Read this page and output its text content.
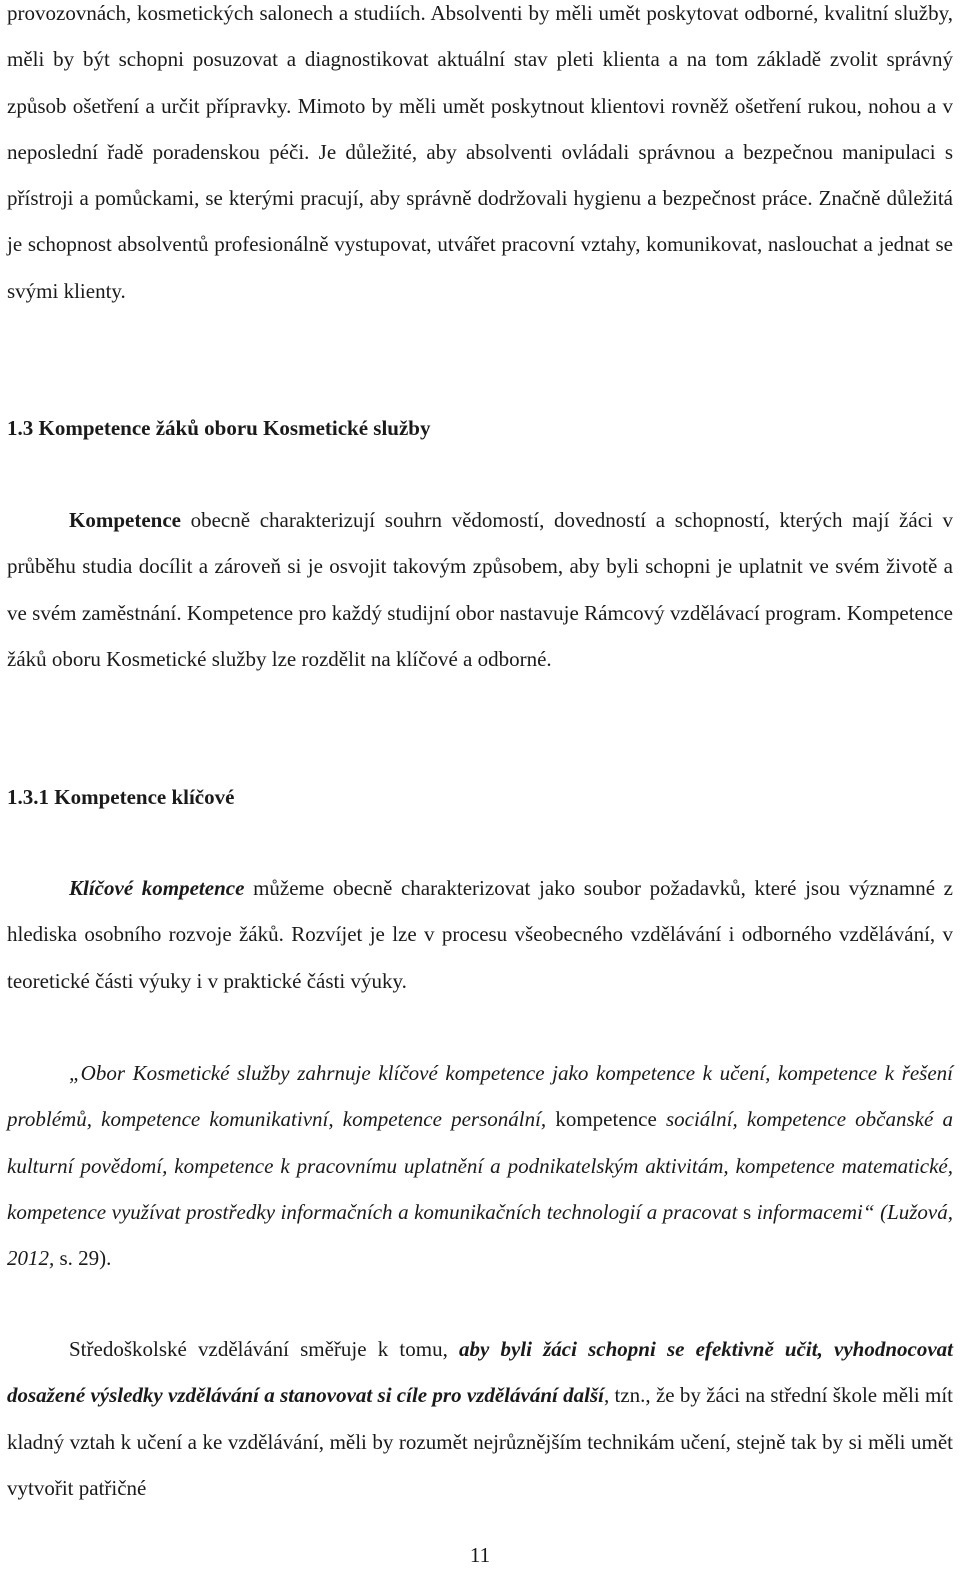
provozovnách, kosmetických salonech a studiích. Absolventi by měli umět poskytovat odborné, kvalitní služby, měli by být schopni posuzovat a diagnostikovat aktuální stav pleti klienta a na tom základě zvolit správný způsob ošetření a určit přípravky. Mimoto by měli umět poskytnout klientovi rovněž ošetření rukou, nohou a v neposlední řadě poradenskou péči. Je důležité, aby absolventi ovládali správnou a bezpečnou manipulaci s přístroji a pomůckami, se kterými pracují, aby správně dodržovali hygienu a bezpečnost práce. Značně důležitá je schopnost absolventů profesionálně vystupovat, utvářet pracovní vztahy, komunikovat, naslouchat a jednat se svými klienty.

1.3 Kompetence žáků oboru Kosmetické služby

Kompetence obecně charakterizují souhrn vědomostí, dovedností a schopností, kterých mají žáci v průběhu studia docílit a zároveň si je osvojit takovým způsobem, aby byli schopni je uplatnit ve svém životě a ve svém zaměstnání. Kompetence pro každý studijní obor nastavuje Rámcový vzdělávací program. Kompetence žáků oboru Kosmetické služby lze rozdělit na klíčové a odborné.

1.3.1 Kompetence klíčové

Klíčové kompetence můžeme obecně charakterizovat jako soubor požadavků, které jsou významné z hlediska osobního rozvoje žáků. Rozvíjet je lze v procesu všeobecného vzdělávání i odborného vzdělávání, v teoretické části výuky i v praktické části výuky.

„Obor Kosmetické služby zahrnuje klíčové kompetence jako kompetence k učení, kompetence k řešení problémů, kompetence komunikativní, kompetence personální, kompetence sociální, kompetence občanské a kulturní povědomí, kompetence k pracovnímu uplatnění a podnikatelským aktivitám, kompetence matematické, kompetence využívat prostředky informačních a komunikačních technologií a pracovat s informacemi“ (Lužová, 2012, s. 29).

Středoškolské vzdělávání směřuje k tomu, aby byli žáci schopni se efektivně učit, vyhodnocovat dosažené výsledky vzdělávání a stanovovat si cíle pro vzdělávání další, tzn., že by žáci na střední škole měli mít kladný vztah k učení a ke vzdělávání, měli by rozumět nejrůznějším technikám učení, stejně tak by si měli umět vytvořit patřičné

11
